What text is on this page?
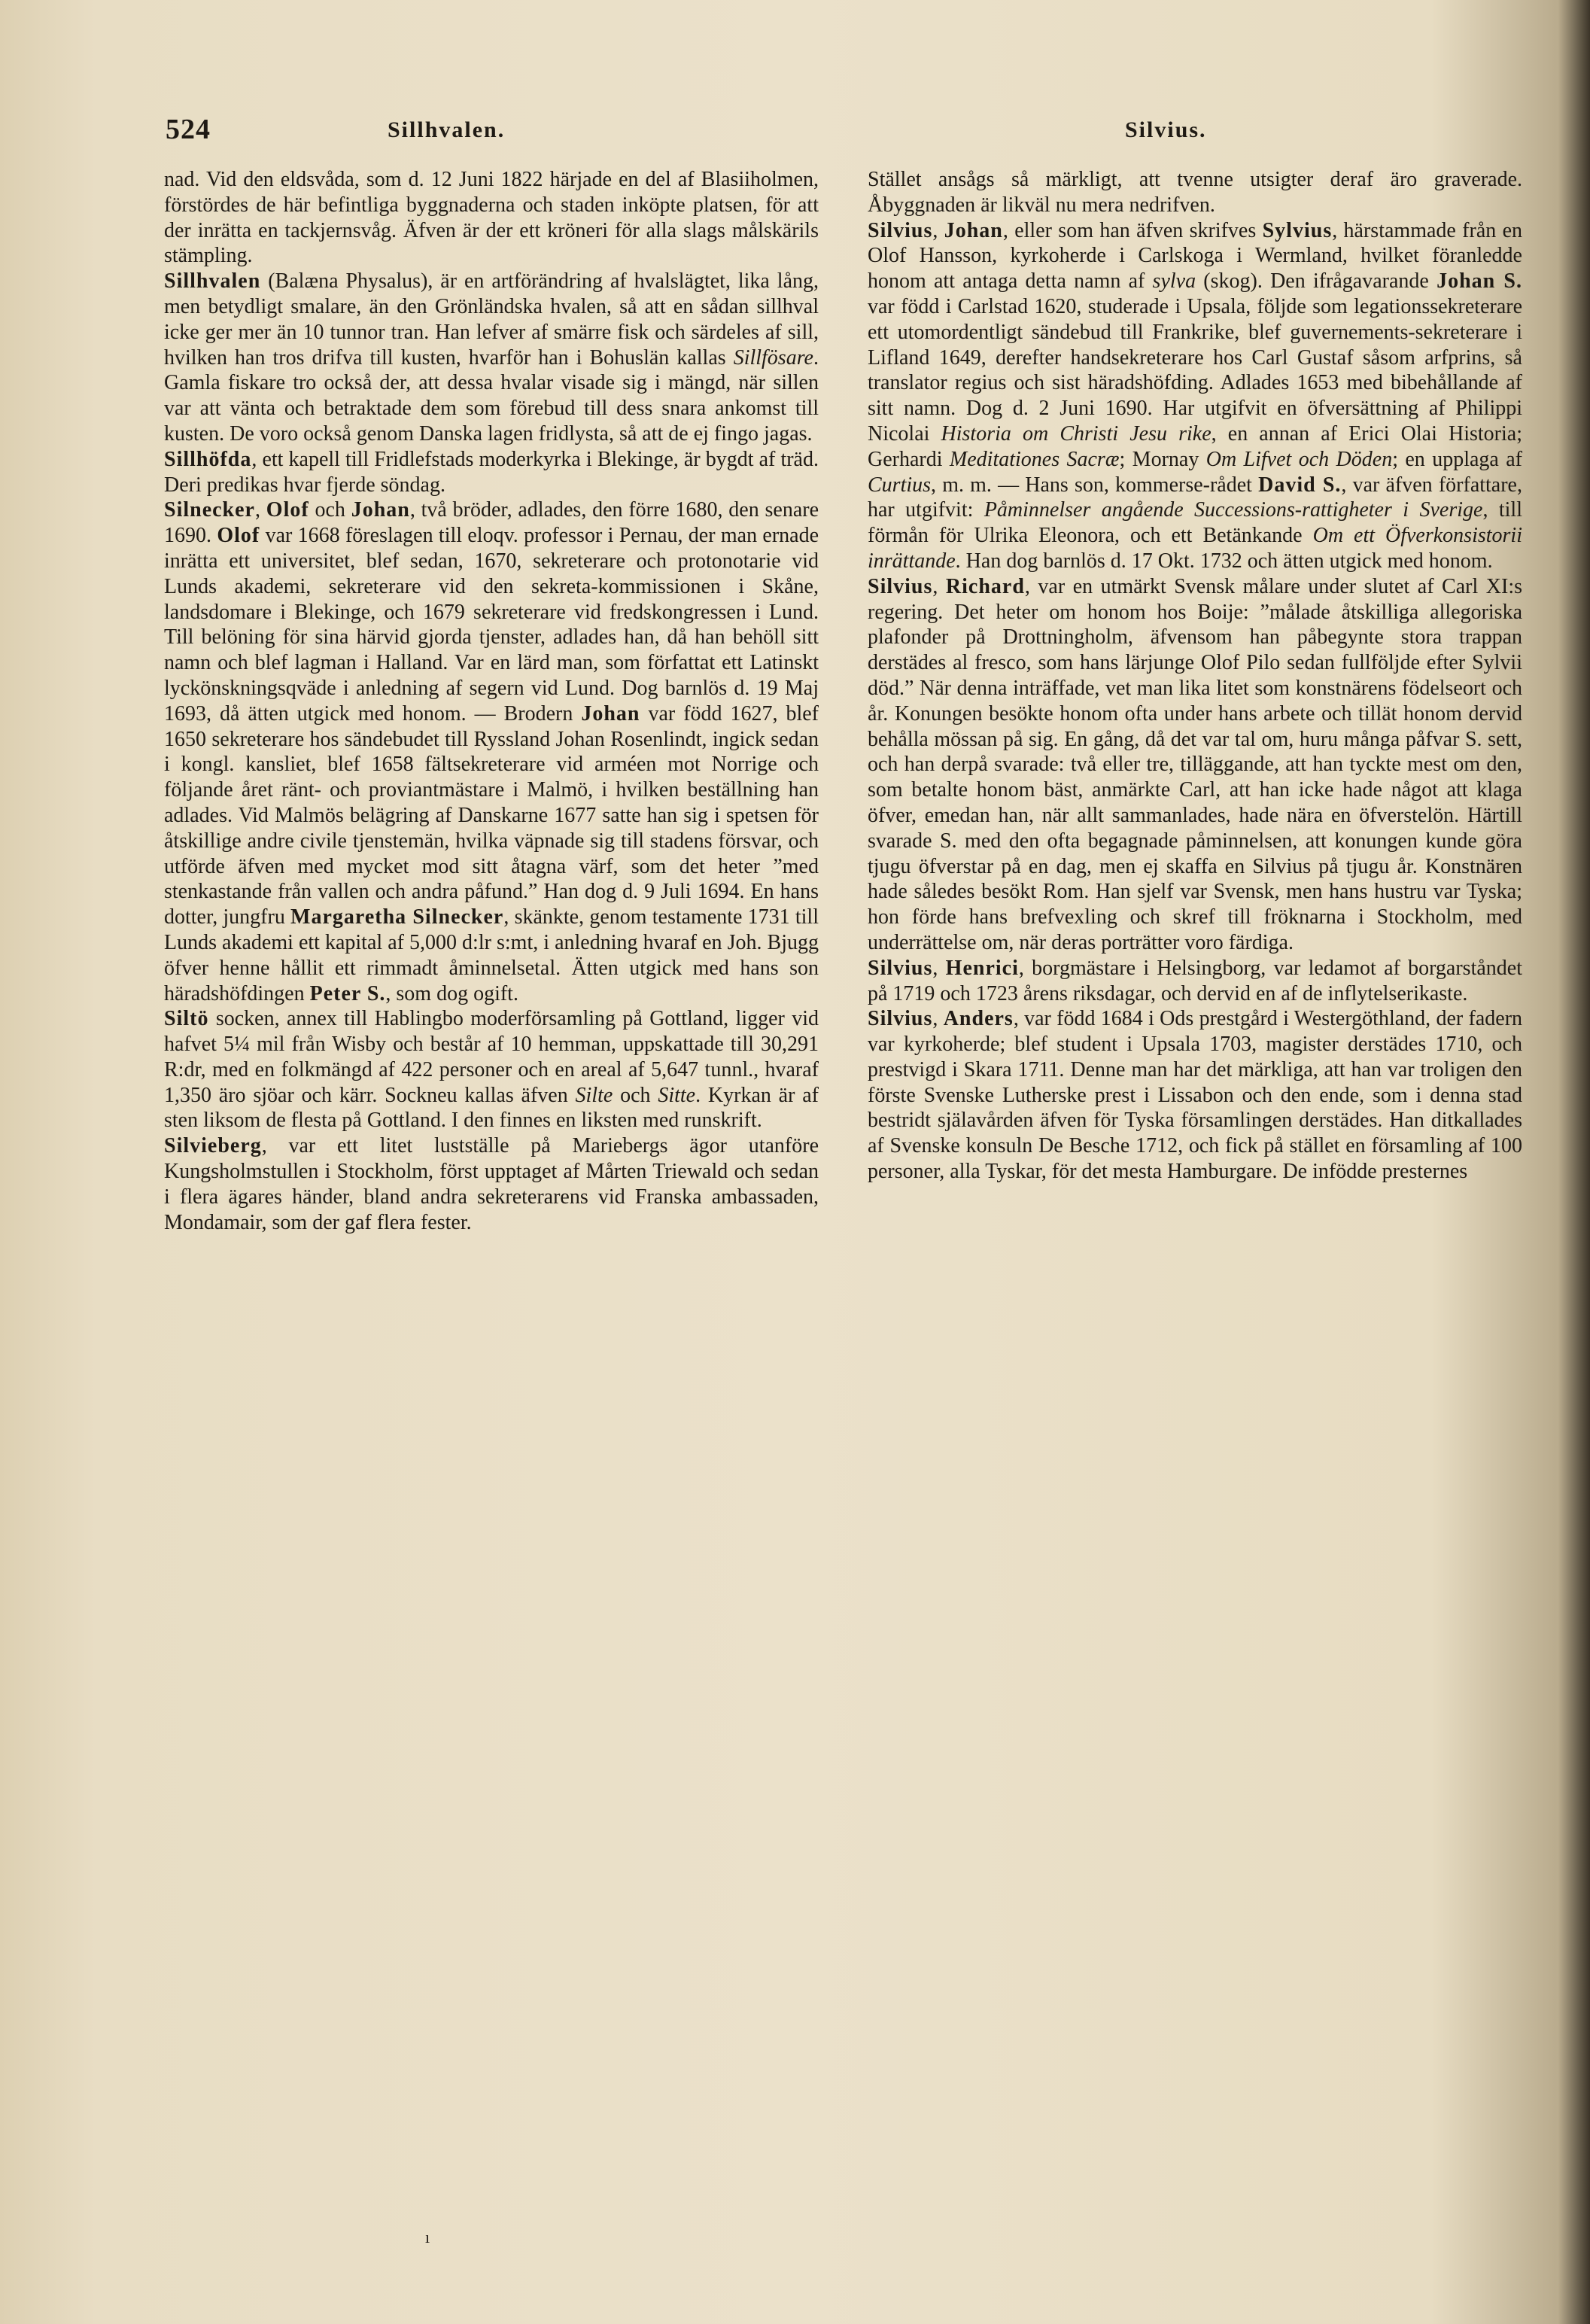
524	Sillhvalen.	Silvius.

nad. Vid den eldsvåda, som d. 12 Juni 1822 härjade en del af Blasiiholmen, förstördes de här befintliga byggnaderna och staden inköpte platsen, för att der inrätta en tackjernsvåg. Äfven är der ett kröneri för alla slags målskärils stämpling.

Sillhvalen (Balæna Physalus), är en artförändring af hvalslägtet, lika lång, men betydligt smalare, än den Grönländska hvalen, så att en sådan sillhval icke ger mer än 10 tunnor tran. Han lefver af smärre fisk och särdeles af sill, hvilken han tros drifva till kusten, hvarför han i Bohuslän kallas Sillfösare. Gamla fiskare tro också der, att dessa hvalar visade sig i mängd, när sillen var att vänta och betraktade dem som förebud till dess snara ankomst till kusten. De voro också genom Danska lagen fridlysta, så att de ej fingo jagas.

Sillhöfda, ett kapell till Fridlefstads moderkyrka i Blekinge, är bygdt af träd. Deri predikas hvar fjerde söndag.

Silnecker, Olof och Johan, två bröder, adlades, den förre 1680, den senare 1690. Olof var 1668 föreslagen till eloqv. professor i Pernau, der man ernade inrätta ett universitet, blef sedan, 1670, sekreterare och protonotarie vid Lunds akademi, sekreterare vid den sekreta-kommissionen i Skåne, landsdomare i Blekinge, och 1679 sekreterare vid fredskongressen i Lund. Till belöning för sina härvid gjorda tjenster, adlades han, då han behöll sitt namn och blef lagman i Halland. Var en lärd man, som författat ett Latinskt lyckönskningsqväde i anledning af segern vid Lund. Dog barnlös d. 19 Maj 1693, då ätten utgick med honom. — Brodern Johan var född 1627, blef 1650 sekreterare hos sändebudet till Ryssland Johan Rosenlindt, ingick sedan i kongl. kansliet, blef 1658 fältsekreterare vid arméen mot Norrige och följande året ränt- och proviantmästare i Malmö, i hvilken beställning han adlades. Vid Malmös belägring af Danskarne 1677 satte han sig i spetsen för åtskillige andre civile tjenstemän, hvilka väpnade sig till stadens försvar, och utförde äfven med mycket mod sitt åtagna värf, som det heter ”med stenkastande från vallen och andra påfund.” Han dog d. 9 Juli 1694. En hans dotter, jungfru Margaretha Silnecker, skänkte, genom testamente 1731 till Lunds akademi ett kapital af 5,000 d:lr s:mt, i anledning hvaraf en Joh. Bjugg öfver henne hållit ett rimmadt åminnelsetal. Ätten utgick med hans son häradshöfdingen Peter S., som dog ogift.

Siltö socken, annex till Hablingbo moderförsamling på Gottland, ligger vid hafvet 5¼ mil från Wisby och består af 10 hemman, uppskattade till 30,291 R:dr, med en folkmängd af 422 personer och en areal af 5,647 tunnl., hvaraf 1,350 äro sjöar och kärr. Sockneu kallas äfven Silte och Sitte. Kyrkan är af sten liksom de flesta på Gottland. I den finnes en liksten med runskrift.

Silvieberg, var ett litet lustställe på Mariebergs ägor utanföre Kungsholmstullen i Stockholm, först upptaget af Mårten Triewald och sedan i flera ägares händer, bland andra sekreterarens vid Franska ambassaden, Mondamair, som der gaf flera fester.

Stället ansågs så märkligt, att tvenne utsigter deraf äro graverade. Åbyggnaden är likväl nu mera nedrifven.

Silvius, Johan, eller som han äfven skrifves Sylvius, härstammade från en Olof Hansson, kyrkoherde i Carlskoga i Wermland, hvilket föranledde honom att antaga detta namn af sylva (skog). Den ifrågavarande Johan S. var född i Carlstad 1620, studerade i Upsala, följde som legationssekreterare ett utomordentligt sändebud till Frankrike, blef guvernements-sekreterare i Lifland 1649, derefter handsekreterare hos Carl Gustaf såsom arfprins, så translator regius och sist häradshöfding. Adlades 1653 med bibehållande af sitt namn. Dog d. 2 Juni 1690. Har utgifvit en öfversättning af Philippi Nicolai Historia om Christi Jesu rike, en annan af Erici Olai Historia; Gerhardi Meditationes Sacræ; Mornay Om Lifvet och Döden; en upplaga af Curtius, m. m. — Hans son, kommerse-rådet David S., var äfven författare, har utgifvit: Påminnelser angående Successions-rattigheter i Sverige, till förmån för Ulrika Eleonora, och ett Betänkande Om ett Öfverkonsistorii inrättande. Han dog barnlös d. 17 Okt. 1732 och ätten utgick med honom.

Silvius, Richard, var en utmärkt Svensk målare under slutet af Carl XI:s regering. Det heter om honom hos Boije: ”målade åtskilliga allegoriska plafonder på Drottningholm, äfvensom han påbegynte stora trappan derstädes al fresco, som hans lärjunge Olof Pilo sedan fullföljde efter Sylvii död.” När denna inträffade, vet man lika litet som konstnärens födelseort och år. Konungen besökte honom ofta under hans arbete och tillät honom dervid behålla mössan på sig. En gång, då det var tal om, huru många påfvar S. sett, och han derpå svarade: två eller tre, tilläggande, att han tyckte mest om den, som betalte honom bäst, anmärkte Carl, att han icke hade något att klaga öfver, emedan han, när allt sammanlades, hade nära en öfverstelön. Härtill svarade S. med den ofta begagnade påminnelsen, att konungen kunde göra tjugu öfverstar på en dag, men ej skaffa en Silvius på tjugu år. Konstnären hade således besökt Rom. Han sjelf var Svensk, men hans hustru var Tyska; hon förde hans brefvexling och skref till fröknarna i Stockholm, med underrättelse om, när deras porträtter voro färdiga.

Silvius, Henrici, borgmästare i Helsingborg, var ledamot af borgarståndet på 1719 och 1723 årens riksdagar, och dervid en af de inflytelserikaste.

Silvius, Anders, var född 1684 i Ods prestgård i Westergöthland, der fadern var kyrkoherde; blef student i Upsala 1703, magister derstädes 1710, och prestvigd i Skara 1711. Denne man har det märkliga, att han var troligen den förste Svenske Lutherske prest i Lissabon och den ende, som i denna stad bestridt själavården äfven för Tyska församlingen derstädes. Han ditkallades af Svenske konsuln De Besche 1712, och fick på stället en församling af 100 personer, alla Tyskar, för det mesta Hamburgare. De infödde presternes

ı
